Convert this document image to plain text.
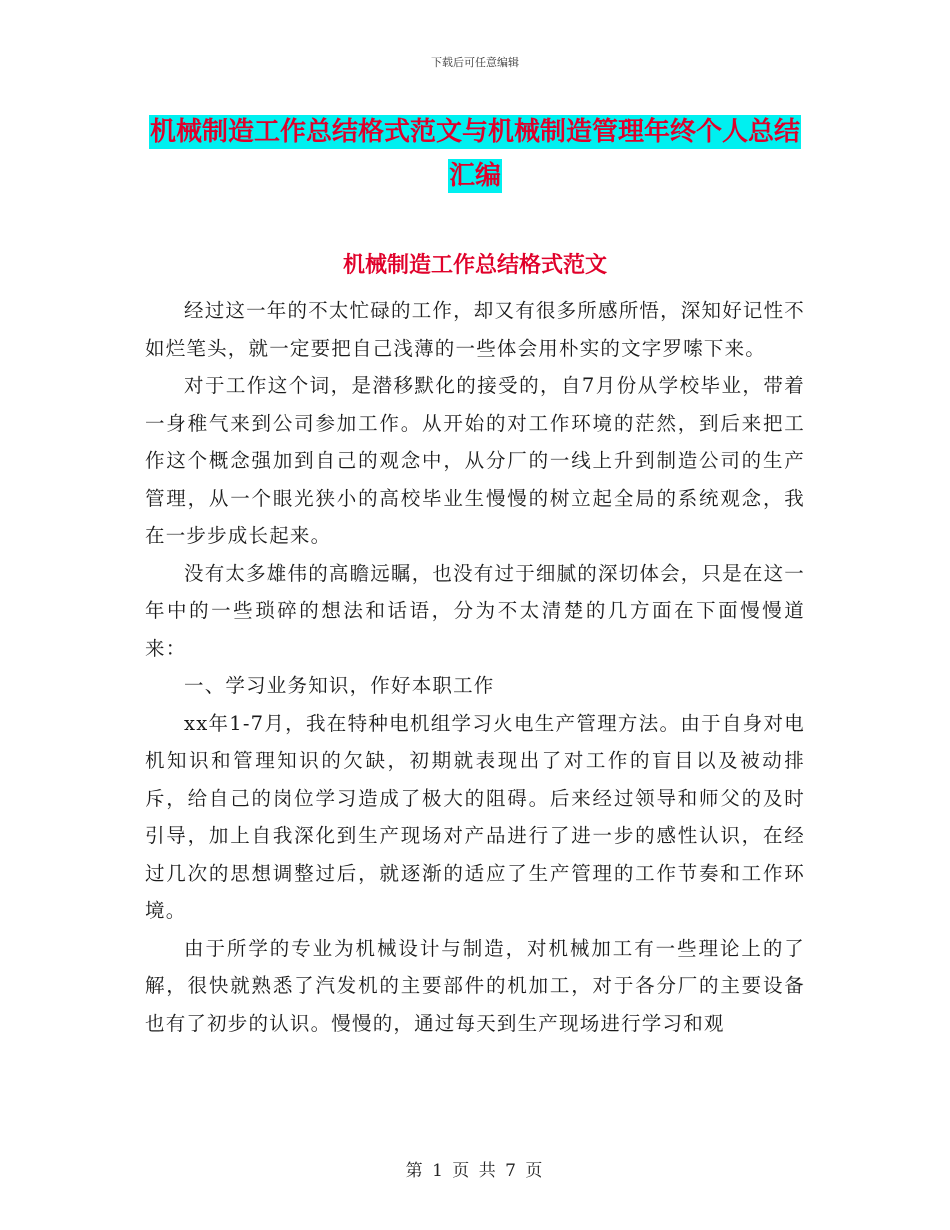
下载后可任意编辑
机械制造工作总结格式范文与机械制造管理年终个人总结汇编
机械制造工作总结格式范文

经过这一年的不太忙碌的工作，却又有很多所感所悟，深知好记性不如烂笔头，就一定要把自己浅薄的一些体会用朴实的文字罗嗦下来。

对于工作这个词，是潜移默化的接受的，自7月份从学校毕业，带着一身稚气来到公司参加工作。从开始的对工作环境的茫然，到后来把工作这个概念强加到自己的观念中，从分厂的一线上升到制造公司的生产管理，从一个眼光狭小的高校毕业生慢慢的树立起全局的系统观念，我在一步步成长起来。

没有太多雄伟的高瞻远瞩，也没有过于细腻的深切体会，只是在这一年中的一些琐碎的想法和话语，分为不太清楚的几方面在下面慢慢道来：

一、学习业务知识，作好本职工作

xx年1-7月，我在特种电机组学习火电生产管理方法。由于自身对电机知识和管理知识的欠缺，初期就表现出了对工作的盲目以及被动排斥，给自己的岗位学习造成了极大的阻碍。后来经过领导和师父的及时引导，加上自我深化到生产现场对产品进行了进一步的感性认识，在经过几次的思想调整过后，就逐渐的适应了生产管理的工作节奏和工作环境。

由于所学的专业为机械设计与制造，对机械加工有一些理论上的了解，很快就熟悉了汽发机的主要部件的机加工，对于各分厂的主要设备也有了初步的认识。慢慢的，通过每天到生产现场进行学习和观

第 1 页 共 7 页
